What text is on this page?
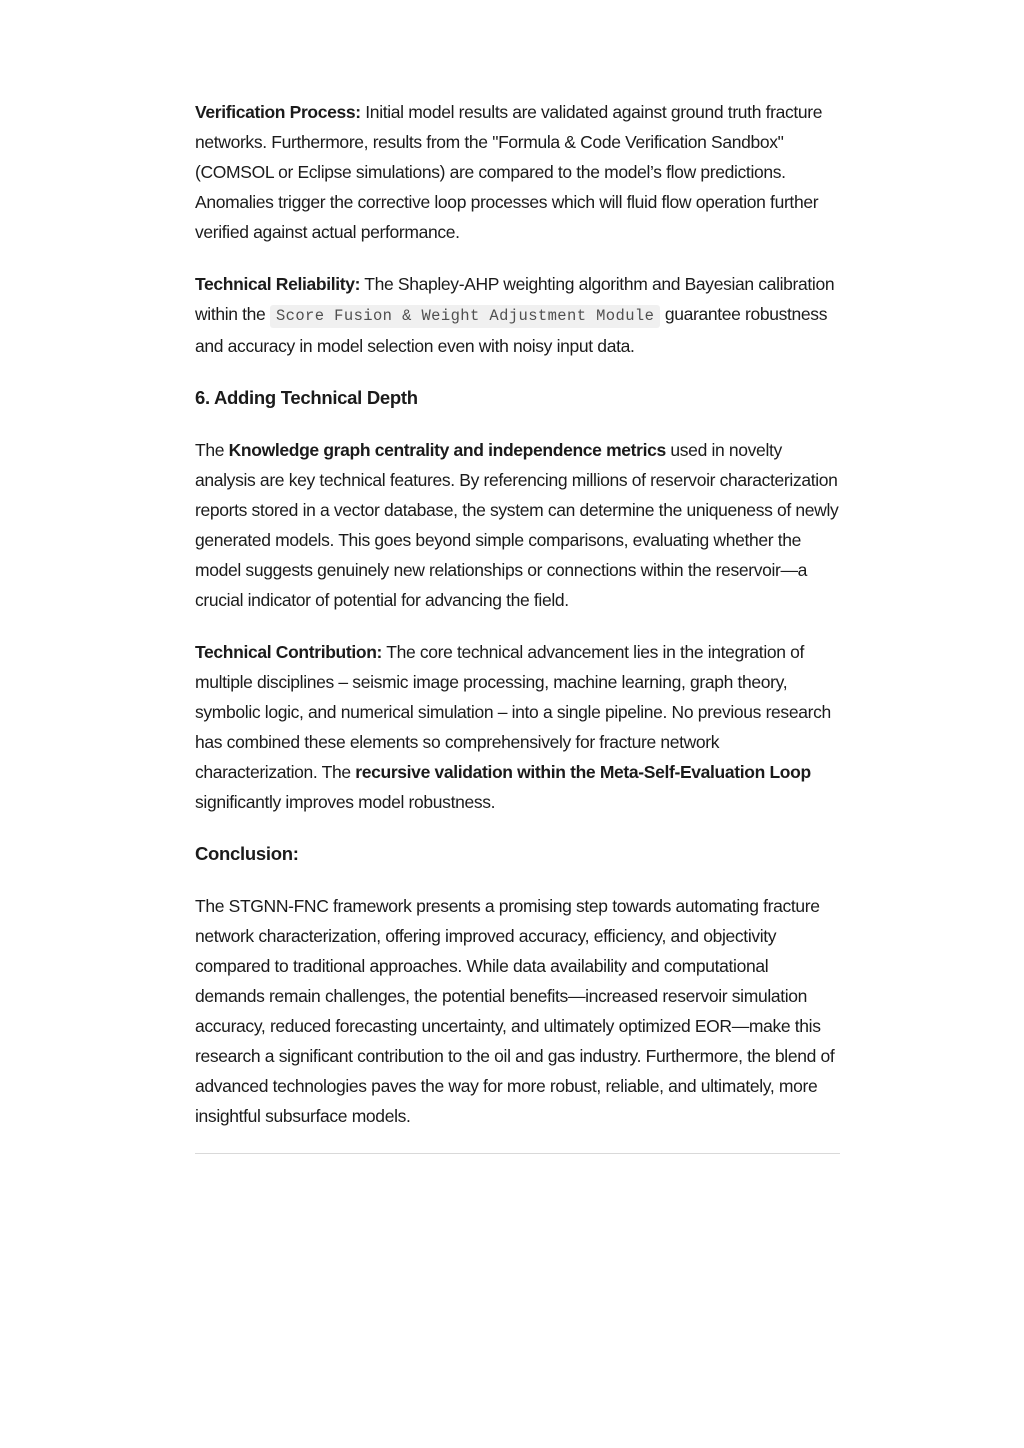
Verification Process: Initial model results are validated against ground truth fracture networks. Furthermore, results from the "Formula & Code Verification Sandbox" (COMSOL or Eclipse simulations) are compared to the model’s flow predictions. Anomalies trigger the corrective loop processes which will fluid flow operation further verified against actual performance.

Technical Reliability: The Shapley-AHP weighting algorithm and Bayesian calibration within the Score Fusion & Weight Adjustment Module guarantee robustness and accuracy in model selection even with noisy input data.

6. Adding Technical Depth

The Knowledge graph centrality and independence metrics used in novelty analysis are key technical features. By referencing millions of reservoir characterization reports stored in a vector database, the system can determine the uniqueness of newly generated models. This goes beyond simple comparisons, evaluating whether the model suggests genuinely new relationships or connections within the reservoir—a crucial indicator of potential for advancing the field.

Technical Contribution: The core technical advancement lies in the integration of multiple disciplines – seismic image processing, machine learning, graph theory, symbolic logic, and numerical simulation – into a single pipeline. No previous research has combined these elements so comprehensively for fracture network characterization. The recursive validation within the Meta-Self-Evaluation Loop significantly improves model robustness.

Conclusion:

The STGNN-FNC framework presents a promising step towards automating fracture network characterization, offering improved accuracy, efficiency, and objectivity compared to traditional approaches. While data availability and computational demands remain challenges, the potential benefits—increased reservoir simulation accuracy, reduced forecasting uncertainty, and ultimately optimized EOR—make this research a significant contribution to the oil and gas industry. Furthermore, the blend of advanced technologies paves the way for more robust, reliable, and ultimately, more insightful subsurface models.
